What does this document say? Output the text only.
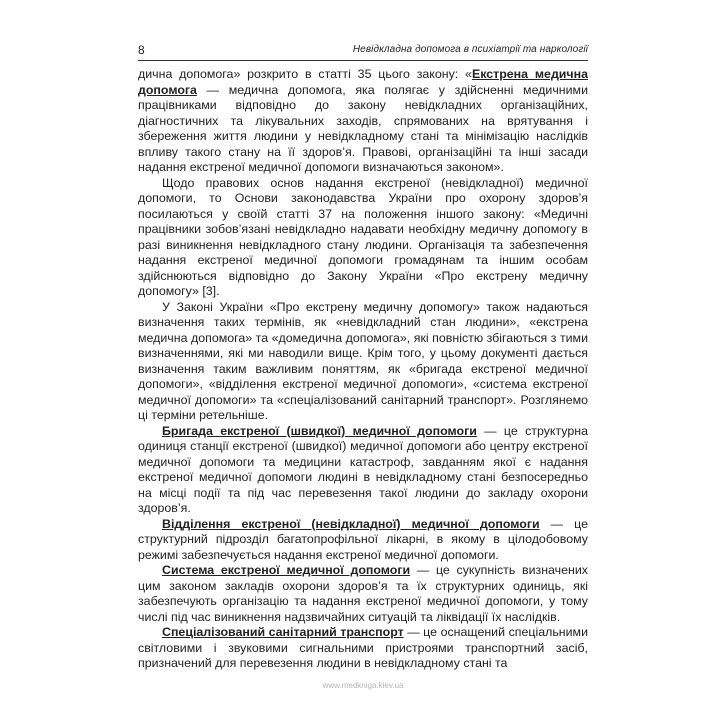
8	Невідкладна допомога в психіатрії та наркології

дична допомога» розкрито в статті 35 цього закону: «Екстрена медична допомога — медична допомога, яка полягає у здійсненні медичними працівниками відповідно до закону невідкладних організаційних, діагностичних та лікувальних заходів, спрямованих на врятування і збереження життя людини у невідкладному стані та мінімізацію наслідків впливу такого стану на її здоров’я. Правові, організаційні та інші засади надання екстреної медичної допомоги визначаються законом».

Щодо правових основ надання екстреної (невідкладної) медичної допомоги, то Основи законодавства України про охорону здоров’я посилаються у своїй статті 37 на положення іншого закону: «Медичні працівники зобов’язані невідкладно надавати необхідну медичну допомогу в разі виникнення невідкладного стану людини. Організація та забезпечення надання екстреної медичної допомоги громадянам та іншим особам здійснюються відповідно до Закону України «Про екстрену медичну допомогу» [3].

У Законі України «Про екстрену медичну допомогу» також надаються визначення таких термінів, як «невідкладний стан людини», «екстрена медична допомога» та «домедична допомога», які повністю збігаються з тими визначеннями, які ми наводили вище. Крім того, у цьому документі дається визначення таким важливим поняттям, як «бригада екстреної медичної допомоги», «відділення екстреної медичної допомоги», «система екстреної медичної допомоги» та «спеціалізований санітарний транспорт». Розглянемо ці терміни ретельніше.

Бригада екстреної (швидкої) медичної допомоги — це структурна одиниця станції екстреної (швидкої) медичної допомоги або центру екстреної медичної допомоги та медицини катастроф, завданням якої є надання екстреної медичної допомоги людині в невідкладному стані безпосередньо на місці події та під час перевезення такої людини до закладу охорони здоров’я.

Відділення екстреної (невідкладної) медичної допомоги — це структурний підрозділ багатопрофільної лікарні, в якому в цілодобовому режимі забезпечується надання екстреної медичної допомоги.

Система екстреної медичної допомоги — це сукупність визначених цим законом закладів охорони здоров’я та їх структурних одиниць, які забезпечують організацію та надання екстреної медичної допомоги, у тому числі під час виникнення надзвичайних ситуацій та ліквідації їх наслідків.

Спеціалізований санітарний транспорт — це оснащений спеціальними світловими і звуковими сигнальними пристроями транспортний засіб, призначений для перевезення людини в невідкладному стані та

www.medkniga.kiev.ua
